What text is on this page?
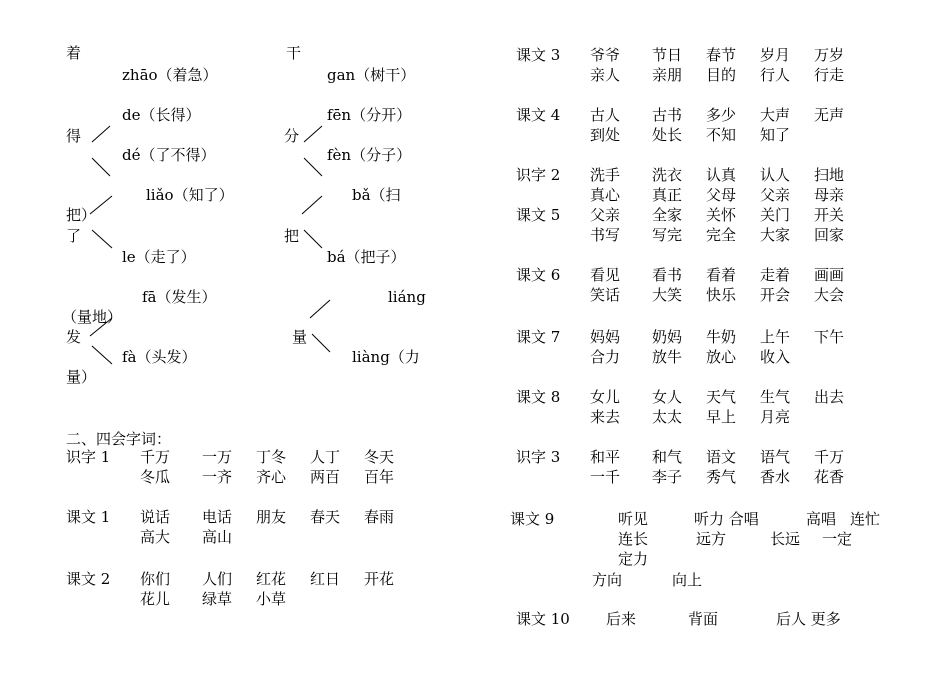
着
zhāo（着急）
干
gan（树干）
de（长得）
得
dé（了不得）
fēn（分开）
分
fèn（分子）
liǎo（知了）
把）
了
le（走了）
bǎ（扫
把
bá（把子）
fā（发生）	liáng
（量地）
发	量
fà（头发）	liàng（力
量）
二、四会字词：
识字 1 千万 一万 丁冬 人丁 冬天
冬瓜 一齐 齐心 两百 百年
课文 1 说话 电话 朋友 春天 春雨
高大 高山
课文 2 你们 人们 红花 红日 开花
花儿 绿草 小草
课文 3 爷爷 节日 春节 岁月 万岁
亲人 亲朋 目的 行人 行走
课文 4 古人 古书 多少 大声 无声
到处 处长 不知 知了
识字 2 洗手 洗衣 认真 认人 扫地
真心 真正 父母 父亲 母亲
课文 5 父亲 全家 关怀 关门 开关
书写 写完 完全 大家 回家
课文 6 看见 看书 看着 走着 画画
笑话 大笑 快乐 开会 大会
课文 7 妈妈 奶妈 牛奶 上午 下午
合力 放牛 放心 收入
课文 8 女儿 女人 天气 生气 出去
来去 太太 早上 月亮
识字 3 和平 和气 语文 语气 千万
一千 李子 秀气 香水 花香
课文 9	听见	听力 合唱	高唱 连忙
连长	远方	长远 一定
定力
方向	向上
课文 10 后来	背面	后人 更多
